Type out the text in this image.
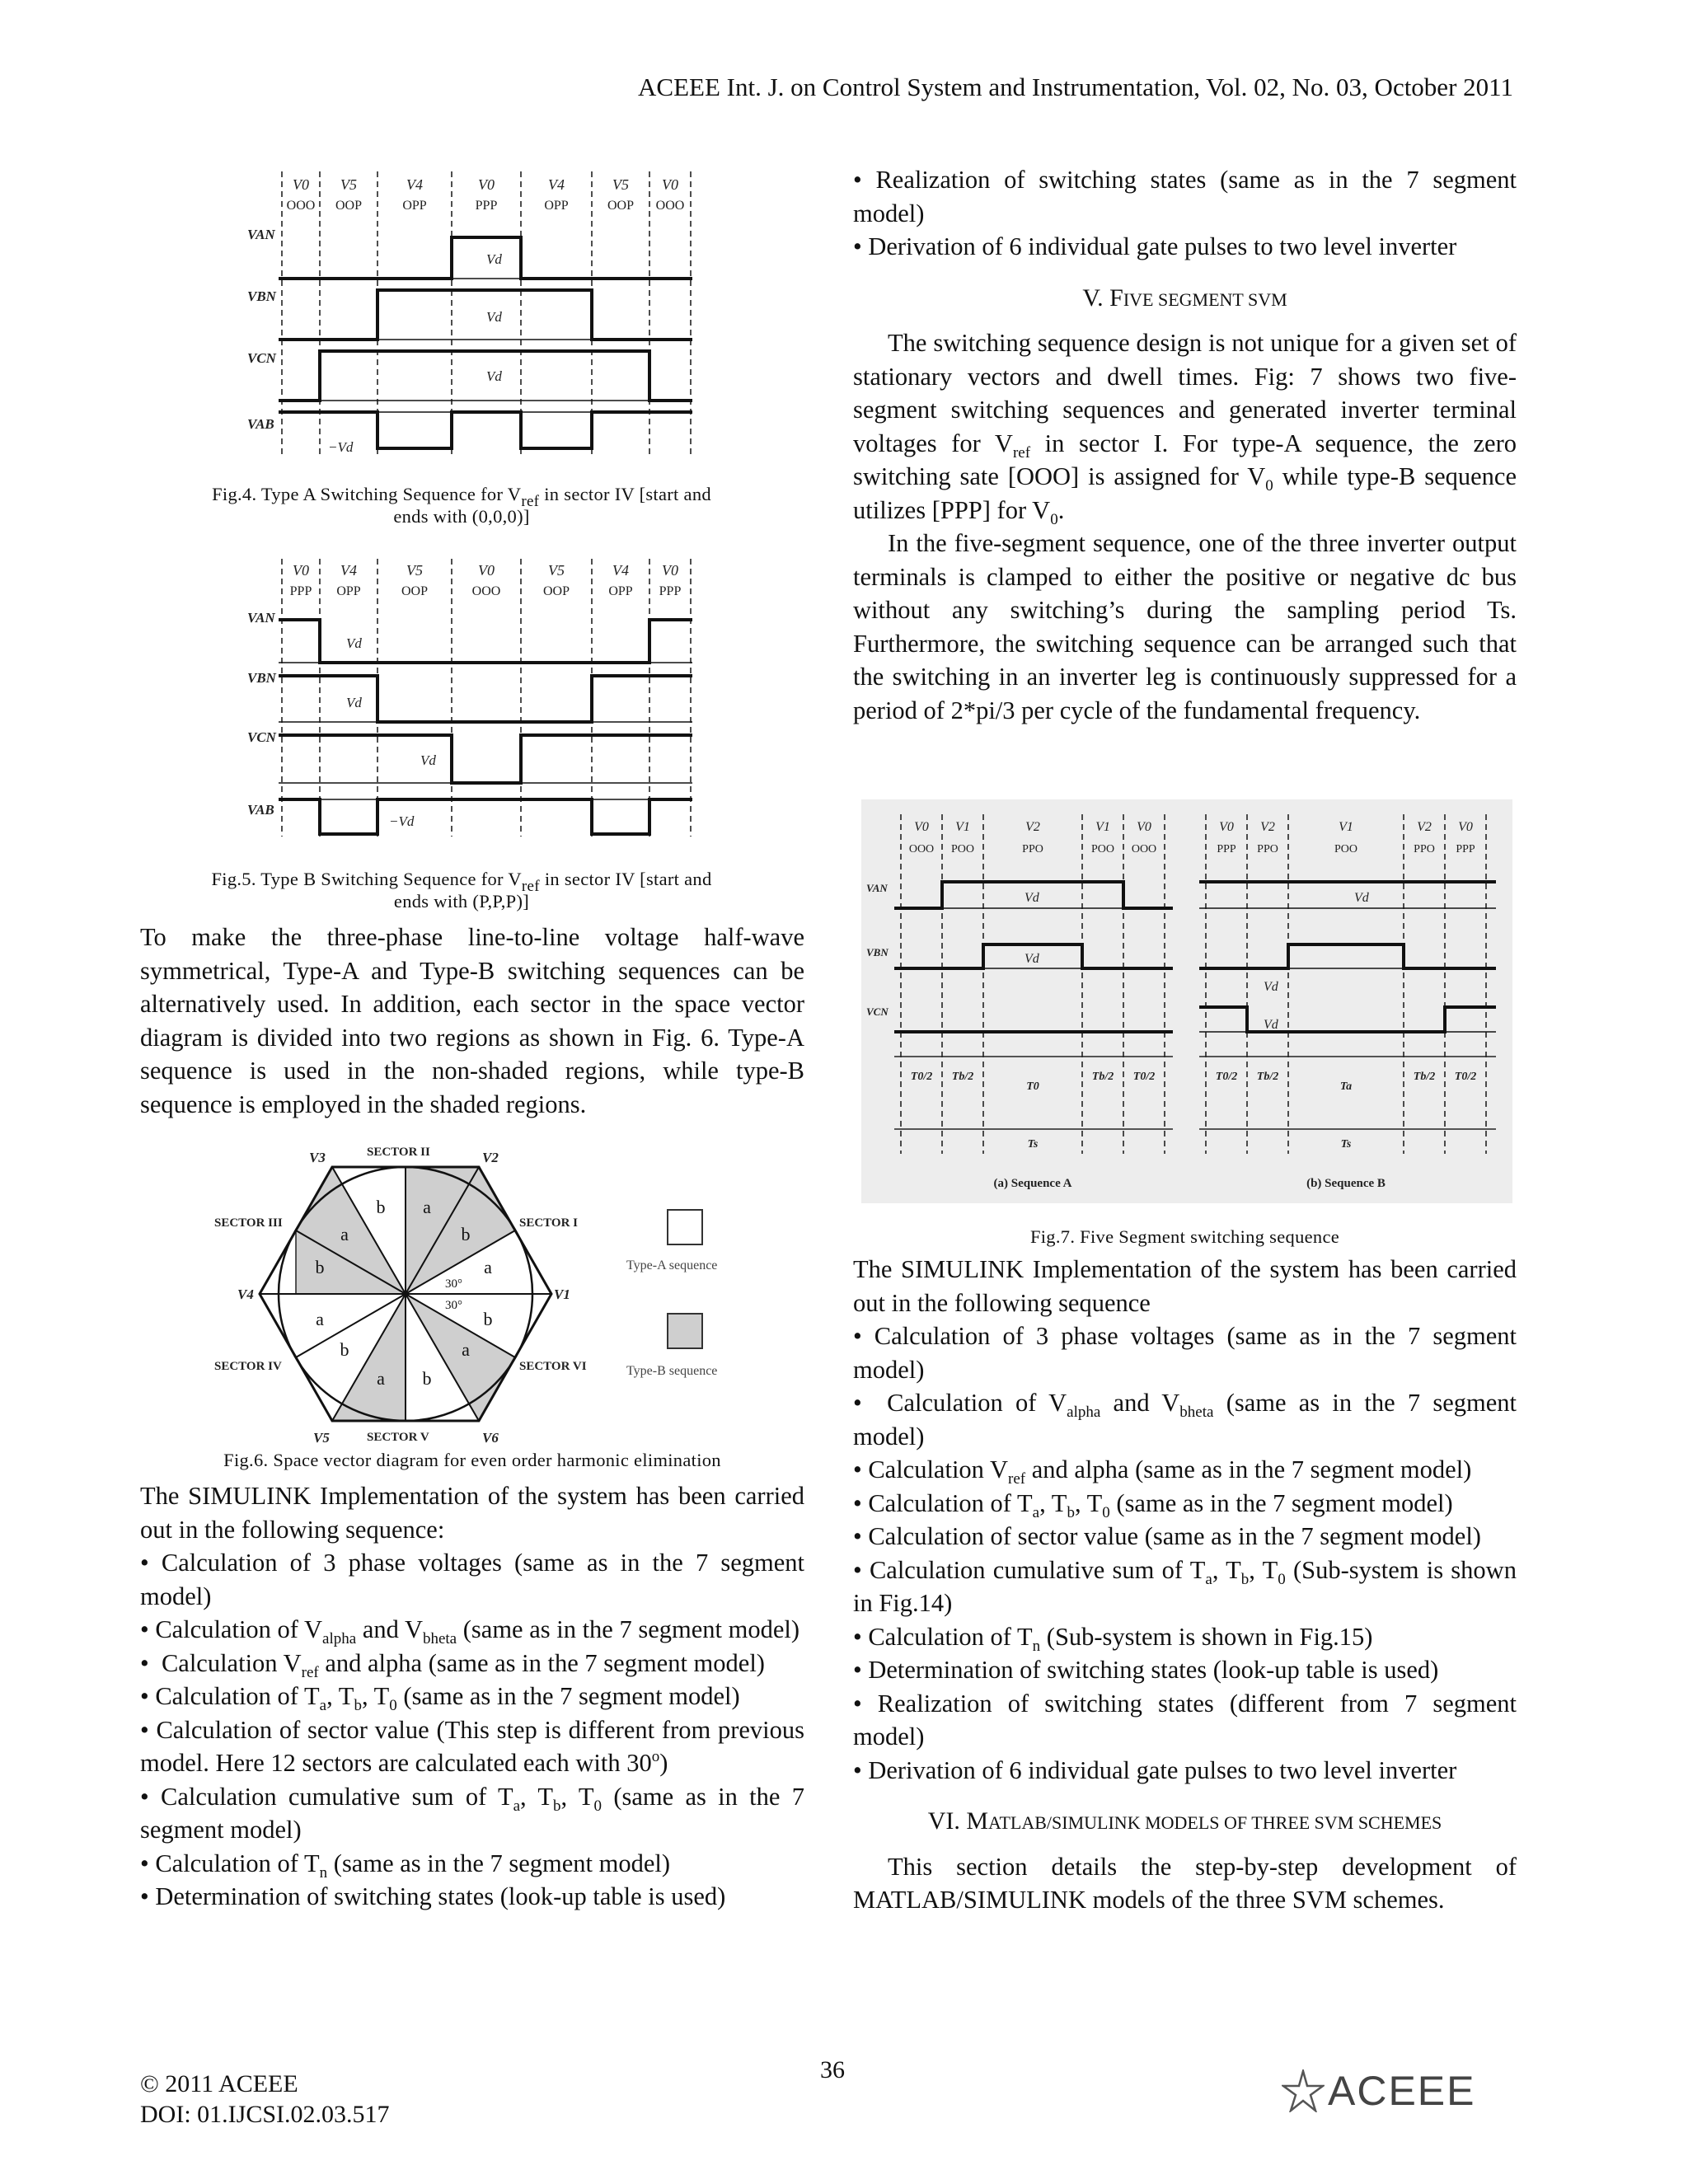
ACEEE Int. J. on Control System and Instrumentation, Vol. 02, No. 03, October 2011
V0 V5	V4	V0	V4	V5 V0
OOO OOP	OPP	PPP	OPP	OOP OOO
VAN
VBN
VCN
VAB
Vd
Vd
Vd
−Vd
Fig.4. Type A Switching Sequence for $V_{ref}$ in sector IV [start and
ends with (0,0,0)]
V0 V4	V5	V0	V5	V4 V0
PPP OPP	OOP	OOO	OOP	OPP PPP
VAN
VBN
VCN
VAB
Vd
Vd
Vd
−Vd
Fig.5. Type B Switching Sequence for $V_{ref}$ in sector IV [start and
ends with (P,P,P)]

To make the three-phase line-to-line voltage half-wave symmetrical, Type-A and Type-B switching sequences can be alternatively used. In addition, each sector in the space vector diagram is divided into two regions as shown in Fig. 6. Type-A sequence is used in the non-shaded regions, while type-B sequence is employed in the shaded regions.

b a
b
a
b
a
b
a b
a
b
a
30°
30°
SECTOR I
SECTOR II
SECTOR III
SECTOR IV
SECTOR V
SECTOR VI
V1
V2
V3
V4
V5	V6
Type-A sequence
Type-B sequence
Fig.6. Space vector diagram for even order harmonic elimination

The SIMULINK Implementation of the system has been carried out in the following sequence:

• Calculation of 3 phase voltages (same as in the 7 segment model)

• Calculation of $V_{alpha}$ and $V_{bheta}$ (same as in the 7 segment model)

•  Calculation $V_{ref}$ and alpha (same as in the 7 segment model)

• Calculation of $T_a$, $T_b$, $T_0$ (same as in the 7 segment model)

• Calculation of sector value (This step is different from previous model. Here 12 sectors are calculated each with 30$^o$)

• Calculation cumulative sum of $T_a$, $T_b$, $T_0$ (same as in the 7 segment model)

• Calculation of $T_n$ (same as in the 7 segment model)

• Determination of switching states (look-up table is used)

• Realization of switching states (same as in the 7 segment model)

• Derivation of 6 individual gate pulses to two level inverter

V. FIVE SEGMENT SVM

The switching sequence design is not unique for a given set of stationary vectors and dwell times. Fig: 7 shows two five-segment switching sequences and generated inverter terminal voltages for $V_{ref}$ in sector I. For type-A sequence, the zero switching sate [OOO] is assigned for $V_0$ while type-B sequence utilizes [PPP] for $V_0$.

In the five-segment sequence, one of the three inverter output terminals is clamped to either the positive or negative dc bus without any switching’s during the sampling period Ts. Furthermore, the switching sequence can be arranged such that the switching in an inverter leg is continuously suppressed for a period of 2*pi/3 per cycle of the fundamental frequency.

V0 V1	V2	V1 V0	V0 V2	V1	V2 V0
OOO POO	PPO	POO OOO	PPP PPO	POO	PPO PPP
VAN
VBN
VCN
Vd
Vd
Vd
Vd
Vd
T0/2 Tb/2
T0
Tb/2 T0/2	T0/2 Tb/2
Ta
Tb/2 T0/2
Ts	Ts
(a) Sequence A	(b) Sequence B
Fig.7. Five Segment switching sequence

The SIMULINK Implementation of the system has been carried out in the following sequence

• Calculation of 3 phase voltages (same as in the 7 segment model)

•  Calculation of $V_{alpha}$ and $V_{bheta}$ (same as in the 7 segment model)

• Calculation $V_{ref}$ and alpha (same as in the 7 segment model)

• Calculation of $T_a$, $T_b$, $T_0$ (same as in the 7 segment model)

• Calculation of sector value (same as in the 7 segment model)

• Calculation cumulative sum of $T_a$, $T_b$, $T_0$ (Sub-system is shown in Fig.14)

• Calculation of $T_n$ (Sub-system is shown in Fig.15)

• Determination of switching states (look-up table is used)

• Realization of switching states (different from 7 segment model)

• Derivation of 6 individual gate pulses to two level inverter

VI. MATLAB/SIMULINK MODELS OF THREE SVM SCHEMES

This section details the step-by-step development of MATLAB/SIMULINK models of the three SVM schemes.

© 2011 ACEEE
DOI: 01.IJCSI.02.03.517
36	ACEEE
